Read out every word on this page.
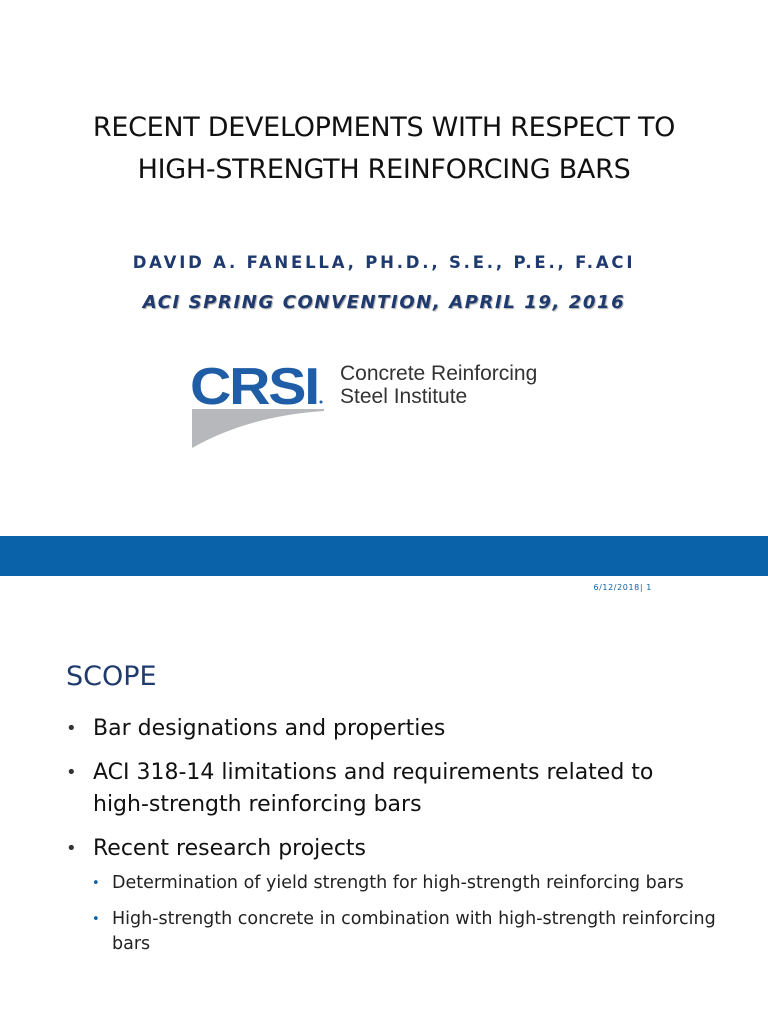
RECENT DEVELOPMENTS WITH RESPECT TO
HIGH-STRENGTH REINFORCING BARS
DAVID A. FANELLA, PH.D., S.E., P.E., F.ACI
ACI SPRING CONVENTION, APRIL 19, 2016
CRSI Concrete Reinforcing
Steel Institute
6/12/2018| 1
SCOPE
• Bar designations and properties
• ACI 318-14 limitations and requirements related to high-strength reinforcing bars
• Recent research projects
• Determination of yield strength for high-strength reinforcing bars
• High-strength concrete in combination with high-strength reinforcing bars
